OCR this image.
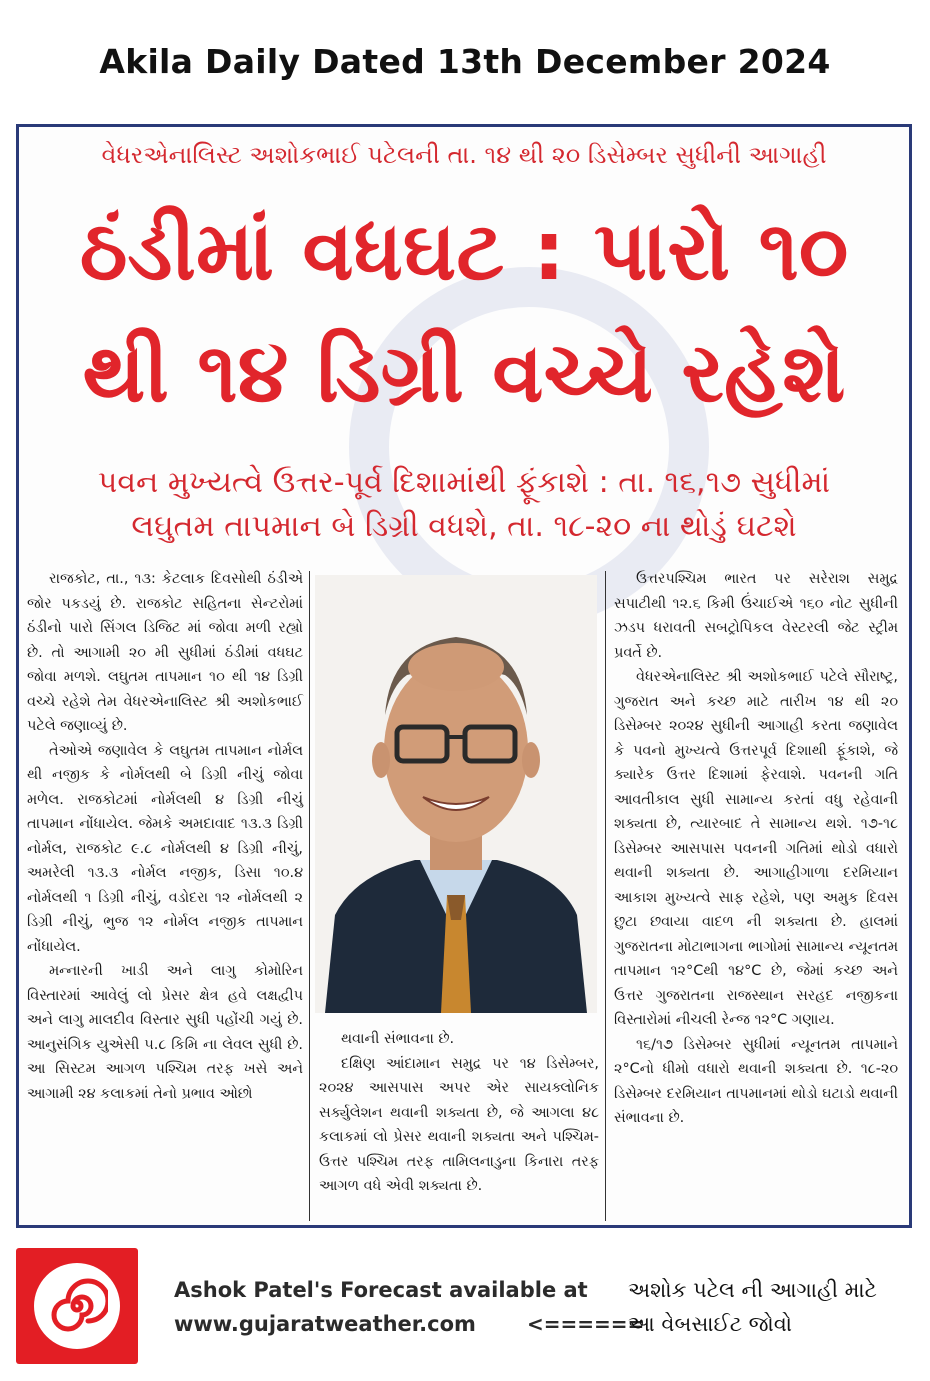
Akila Daily Dated 13th December 2024
વેધરએનાલિસ્ટ અશોકભાઈ પટેલની તા. ૧૪ થી ૨૦ ડિસેમ્બર સુધીની આગાહી
ઠંડીમાં વધઘટ : પારો ૧૦
થી ૧૪ ડિગ્રી વચ્ચે રહેશે
પવન મુખ્યત્વે ઉત્તર-પૂર્વ દિશામાંથી ફૂંકાશે : તા. ૧૬,૧૭ સુધીમાં
લઘુતમ તાપમાન બે ડિગ્રી વધશે, તા. ૧૮-૨૦ ના થોડું ઘટશે

રાજકોટ, તા., ૧૩: કેટલાક દિવસોથી ઠંડીએ જોર પકડયું છે. રાજકોટ સહિતના સેન્ટરોમાં ઠંડીનો પારો સિંગલ ડિજિટ માં જોવા મળી રહ્યો છે. તો આગામી ૨૦ મી સુધીમાં ઠંડીમાં વધઘટ જોવા મળશે. લઘુતમ તાપમાન ૧૦ થી ૧૪ ડિગ્રી વચ્ચે રહેશે તેમ વેધરએનાલિસ્ટ શ્રી અશોકભાઈ પટેલે જણાવ્યું છે.

તેઓએ જણાવેલ કે લઘુતમ તાપમાન નોર્મલ થી નજીક કે નોર્મલથી બે ડિગ્રી નીચું જોવા મળેલ. રાજકોટમાં નોર્મલથી ૪ ડિગ્રી નીચું તાપમાન નોંધાયેલ. જેમકે અમદાવાદ ૧૩.૩ ડિગ્રી નોર્મલ, રાજકોટ ૯.૮ નોર્મલથી ૪ ડિગ્રી નીચું, અમરેલી ૧૩.૩ નોર્મલ નજીક, ડિસા ૧૦.૪ નોર્મલથી ૧ ડિગ્રી નીચું, વડોદરા ૧૨ નોર્મલથી ૨ ડિગ્રી નીચું, ભુજ ૧૨ નોર્મલ નજીક તાપમાન નોંધાયેલ.

મન્નારની ખાડી અને લાગુ કોમોરિન વિસ્તારમાં આવેલું લો પ્રેસર ક્ષેત્ર હવે લક્ષદ્વીપ અને લાગુ માલદીવ વિસ્તાર સુધી પહોંચી ગયું છે. આનુસંગિક યુએસી ૫.૮ કિમિ ના લેવલ સુધી છે. આ સિસ્ટમ આગળ પશ્ચિમ તરફ ખસે અને આગામી ૨૪ કલાકમાં તેનો પ્રભાવ ઓછો

થવાની સંભાવના છે.

દક્ષિણ આંદામાન સમુદ્ર પર ૧૪ ડિસેમ્બર, ૨૦૨૪ આસપાસ અપર એર સાયક્લોનિક સર્ક્યુલેશન થવાની શક્યતા છે, જે આગલા ૪૮ કલાકમાં લો પ્રેસર થવાની શક્યતા અને પશ્ચિમ- ઉત્તર પશ્ચિમ તરફ તામિલનાડુના કિનારા તરફ આગળ વધે એવી શક્યતા છે.

ઉત્તરપશ્ચિમ ભારત પર સરેરાશ સમુદ્ર સપાટીથી ૧૨.૬ કિમી ઉંચાઈએ ૧૬૦ નોટ સુધીની ઝડપ ધરાવતી સબટ્રોપિકલ વેસ્ટરલી જેટ સ્ટ્રીમ પ્રવર્તે છે.

વેધરએનાલિસ્ટ શ્રી અશોકભાઈ પટેલે સૌરાષ્ટ્ર, ગુજરાત અને કચ્છ માટે તારીખ ૧૪ થી ૨૦ ડિસેમ્બર ૨૦૨૪ સુધીની આગાહી કરતા જણાવેલ કે પવનો મુખ્યત્વે ઉત્તરપૂર્વ દિશાથી ફૂંકાશે, જે ક્યારેક ઉત્તર દિશામાં ફેરવાશે. પવનની ગતિ આવતીકાલ સુધી સામાન્ય કરતાં વધુ રહેવાની શક્યતા છે, ત્યારબાદ તે સામાન્ય થશે. ૧૭-૧૮ ડિસેમ્બર આસપાસ પવનની ગતિમાં થોડો વધારો થવાની શક્યતા છે. આગાહીગાળા દરમિયાન આકાશ મુખ્યત્વે સાફ રહેશે, પણ અમુક દિવસ છુટા છવાયા વાદળ ની શક્યતા છે. હાલમાં ગુજરાતના મોટાભાગના ભાગોમાં સામાન્ય ન્યૂનતમ તાપમાન ૧૨°Cથી ૧૪°C છે, જેમાં કચ્છ અને ઉત્તર ગુજરાતના રાજસ્થાન સરહદ નજીકના વિસ્તારોમાં નીચલી રેન્જ ૧૨°C ગણાય.

૧૬/૧૭ ડિસેમ્બર સુધીમાં ન્યૂનતમ તાપમાને ૨°Cનો ધીમો વધારો થવાની શક્યતા છે. ૧૮-૨૦ ડિસેમ્બર દરમિયાન તાપમાનમાં થોડો ઘટાડો થવાની સંભાવના છે.

Ashok Patel's Forecast available at
www.gujaratweather.com	<======
અશોક પટેલ ની આગાહી માટે
આ વેબસાઈટ જોવો
